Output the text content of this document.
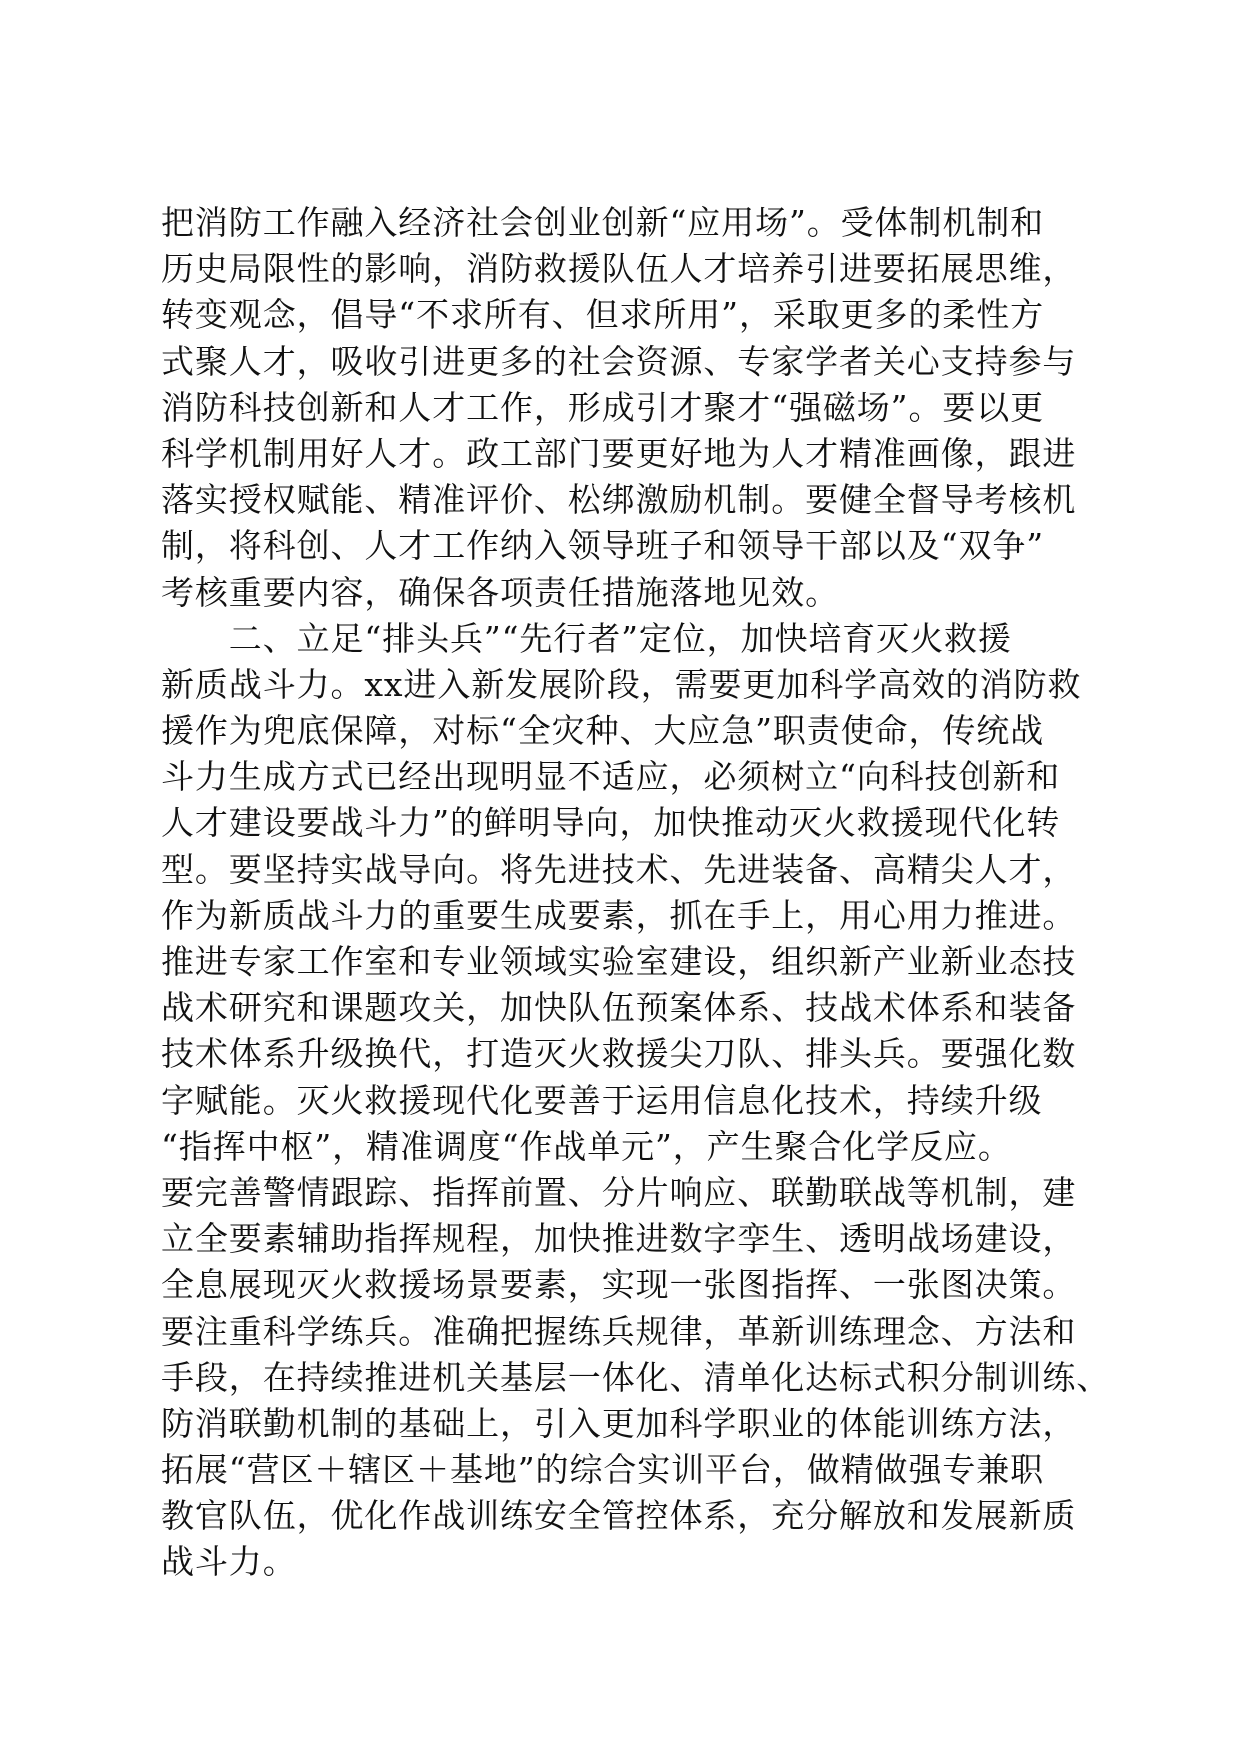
把消防工作融入经济社会创业创新“应用场”。受体制机制和
历史局限性的影响，消防救援队伍人才培养引进要拓展思维，
转变观念，倡导“不求所有、但求所用”，采取更多的柔性方
式聚人才，吸收引进更多的社会资源、专家学者关心支持参与
消防科技创新和人才工作，形成引才聚才“强磁场”。要以更
科学机制用好人才。政工部门要更好地为人才精准画像，跟进
落实授权赋能、精准评价、松绑激励机制。要健全督导考核机
制，将科创、人才工作纳入领导班子和领导干部以及“双争”
考核重要内容，确保各项责任措施落地见效。
　　二、立足“排头兵”“先行者”定位，加快培育灭火救援
新质战斗力。xx进入新发展阶段，需要更加科学高效的消防救
援作为兜底保障，对标“全灾种、大应急”职责使命，传统战
斗力生成方式已经出现明显不适应，必须树立“向科技创新和
人才建设要战斗力”的鲜明导向，加快推动灭火救援现代化转
型。要坚持实战导向。将先进技术、先进装备、高精尖人才，
作为新质战斗力的重要生成要素，抓在手上，用心用力推进。
推进专家工作室和专业领域实验室建设，组织新产业新业态技
战术研究和课题攻关，加快队伍预案体系、技战术体系和装备
技术体系升级换代，打造灭火救援尖刀队、排头兵。要强化数
字赋能。灭火救援现代化要善于运用信息化技术，持续升级
“指挥中枢”，精准调度“作战单元”，产生聚合化学反应。
要完善警情跟踪、指挥前置、分片响应、联勤联战等机制，建
立全要素辅助指挥规程，加快推进数字孪生、透明战场建设，
全息展现灭火救援场景要素，实现一张图指挥、一张图决策。
要注重科学练兵。准确把握练兵规律，革新训练理念、方法和
手段，在持续推进机关基层一体化、清单化达标式积分制训练、
防消联勤机制的基础上，引入更加科学职业的体能训练方法，
拓展“营区＋辖区＋基地”的综合实训平台，做精做强专兼职
教官队伍，优化作战训练安全管控体系，充分解放和发展新质
战斗力。
